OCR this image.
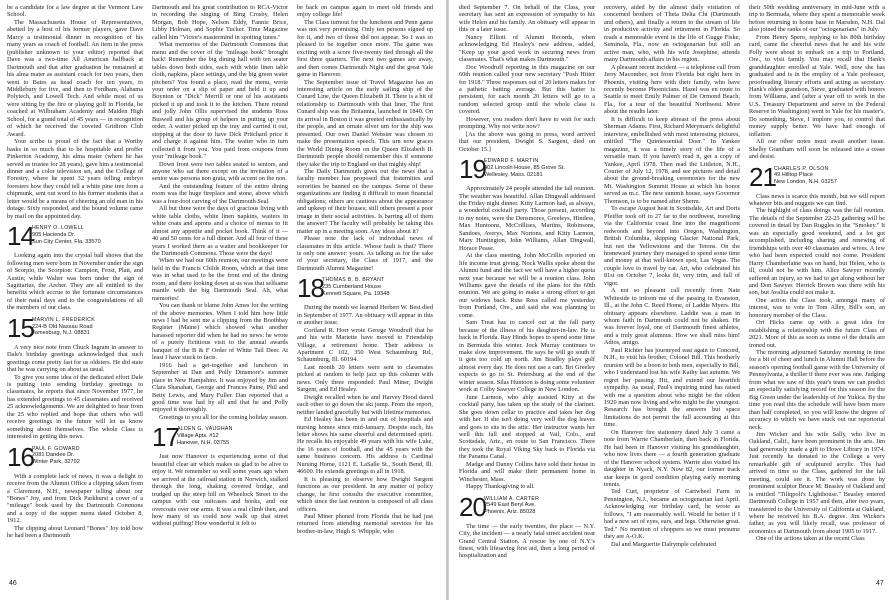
be a candidate for a law degree at the Vermont Law School.

The Massachusetts House of Representatives, abetted by a host of his former players, gave Dave Marcy a testimonial dinner in recognition of his many years as coach of football. An item in the press (publisher unknown to your editor) reported that Dave was a two-time All American halfback at Dartmouth and that after graduation he remained at his alma mater as assistant coach for two years, then went to Bates as head coach for ten years, to Middlebury for five, and then to Fordham, Alabama Polytech, and Lowell Tech. And while most of us were sitting by the fire or playing golf in Florida, he coached at Wilbraham Academy and Maiden High School, for a grand total of 45 years — in recognition of which he received the coveted Gridiron Club Award.

Your scribe is proud of the fact that a Worthy basks in so much that to be hospitable and proffer Pinkerton Academy, his alma mater (where he has served as trustee for 28 years), gave him a testimonial dinner and a color television set, and the College of Forestry, where he spent 32 years telling embryo foresters how they could tell a white pine tree from a chipmunk, sent out word to his former students that a letter would be a means of cheering an old man in his dotage. Sixty responded, and the bound volume came by mail on the appointed day.

14
HENRY O. LOWELL
905 Hacienda Dr.
Sun City Center, Fla. 33570

Looking again into the crystal ball shows that the following men were born in November under the sign of Scorpio, the Scorpion: Campion, Frost, Platt, and Austin; while Walter was born under the sign of Sagittarius, the Archer. They are all entitled to the benefits which accrue to the fortunate circumstances of their natal days and to the congratulations of all the members of our class.

15
MARVIN L. FREDERICK
224-B Old Nassau Road
Jamesburg, N.J. 08831

A very nice note from Chuck Ingram in answer to Dale's birthday greetings acknowledged that such greetings come pretty fast for us oldsters. He did state that he was carrying on about as usual.

To give you some idea of the dedicated effort Dale is putting into sending birthday greetings to classmates, he reports that since November 1977, he has extended greetings to 45 classmates and received 25 acknowledgements. We are delighted to hear from the 25 who replied and hope that others who will receive greetings in the future will let us know something about themselves. The whole Class is interested in getting this news.

16
PAUL F. GOWARD
2081 Dandee Dr.
Winter Park, 32792

With a complete lack of news, it was a delight to receive from the Alumni Office a clipping taken from a Claremont, N.H., newspaper telling about our "Bones" Joy, and from Dick Parkhurst a cover of a "mileage" book used by the Dartmouth Commons and a copy of the supper menu dated October 8, 1912.

The clipping about Leonard "Bones" Joy told how he had been a Dartmouth

Dartmouth and his great contribution to RCA-Victor in recording the singing of Bing Crosby, Helen Morgan, Bob Hope, Nelson Eddy, Fannie Brice, Libby Holman, and Sophie Tucker. Time Magazine called him "Victor's mastermind in spotting tunes."

What memories of the Dartmouth Commons that menu and the cover of the "mileage book" brought back! Remember the big dining hall with ten seater tables down both sides, each with white linen table cloth, napkins, place settings, and the big green water pitchers? You found a place, read the menu, wrote your order on a slip of paper and held it up and Boynton or "Dick" Merrill or one of his assistants picked it up and took it to the kitchen. There rotund and jolly John Ollis supervised the students Ross Buswell and his group of helpers in putting up your order. A waiter picked up the tray and carried it out, stopping at the door to have Dick Pritchard price it and charge it against him. The waiter who in turn collected it from you. You paid from coupons from your "mileage book."

Down front were two tables seated to seniors, and anyone who sat there except on the invitation of a senior was persona non grata, with accent on the non.

And the outstanding feature of the entire dining room was the huge fireplace and stone, above which was a four-foot carving of the Dartmouth Seal.

All but three were the days of gracious living with white table cloths, white linen napkins, waiters in white coats and aprons and a choice of menus to fit almost any appetite and pocket book. Think of it — 40 and 50 cents for a full dinner. And all four of these years I worked there as a waiter and bookkeeper for the Dartmouth Commons. Those were the days!

When we had our 60th reunion, our meetings were held in the Francis Childs Room, which at that time was in what used to be the front end of the dining room, and there looking down at us was that selfsame mantle with the big Dartmouth Seal. Ah, what memories!

You can thank or blame John Ames for the writing of the above memories. When I told him how little news I had he sent me a clipping from the Boothbay Register (Maine) which showed what another harassed reporter did when he had no news: he wrote of a purely fictitious visit to the annual awards banquet of the B & F Order of White Tail Deer. At least I have stuck to facts.

1916 had a get-together and luncheon in September at Dan and Polly Dinsmore's summer place in New Hampshire. It was enjoyed by Jim and Clara Shanahan, George and Frances Paine, Phil and Betty Lewis, and Mary Fuller. Dan reported that a good time was had by all and that he and Polly enjoyed it thoroughly.

Greetings to you all for the coming holiday season.

17
ALDEN G. VAUGHAN
Village Apts. #12
Hanover, N.H. 03755

Just now Hanover is experiencing some of that beautiful clear air which makes us glad to be alive to enjoy it. We remember so well some years ago when we arrived at the railroad station in Norwich, stalked through the long, shaking covered bridge, and trudged up the steep hill on Wheelock Street to the campus with our suitcases and books, and our overcoats over our arms. It was a real climb then, and how many of us could now walk up that street without puffing! How wonderful it felt to

be back on campus again to meet old friends and enjoy college life!

The Class turnout for the luncheon and Penn game was not very promising. Only ten persons signed up for it, and two of those did not appear. So I was so pleased to be together once more. The game was exciting with a score five-twenty tied through all the first three quarters. The next two games are away, and then comes Dartmouth Night and the great Yale game in Hanover.

The September issue of Travel Magazine has an interesting article on the early sailing ship of the Cunard Line, the Queen Elizabeth II. There is a bit of relationship to Dartmouth with that liner. The first Cunard ship was the Britannia, launched in 1840. On its arrival in Boston it was greeted enthusiastically by the people, and an ornate silver urn for the ship was presented. Our own Daniel Webster was chosen to make the presentation speech. This urn now graces the World Dining Room on the Queen Elizabeth II. Dartmouth people should remember this if someone they take the trip to England on that mighty ship!

The Daily Dartmouth gives out the news that a faculty member has proposed that fraternities and sororities be banned on the campus. Some of these organizations are finding it difficult to meet financial obligations; others are cautious about the appearance and upkeep of their houses; still others present a poor image in their social activities. Is barring all of them the answer? The faculty will probably be taking this matter up in a meeting soon. Any ideas about it?

Please note the lack of individual news of classmates in this article. Whose fault is that? There is only one answer: yours. As talking as for the sake of your secretary, the Class of 1917, and the Dartmouth Alumni Magazine!

18
THOMAS B. B. BRYANT
235 Cumberland House
Kennett Square, Pa. 19348

During the month we learned Herbert W. Best died in September of 1977. An obituary will appear in this or another issue.

Cortland R. Horr wrote George Woodruff that he and his wife Mariette have moved to Friendship Village, a retirement home. Their address is Apartment C 102, 350 West Schaumburg Rd., Schaumburg, Ill. 60194.

Last month 20 letters were sent to classmates picked at random to help jazz up this column with news. Only three responded: Paul Miner, Dwight Sargent, and Ed Healey.

Dwight recalled when he and Harvey Hood dared each other to go down the ski jump. From the report, neither landed gracefully but with lifetime memories.

Ed Healey has been in and out of hospitals and nursing homes since mid-January. Despite such, his letter shows his same cheerful and determined spirit. He recalls his enjoyable 49 years with his wife Luke, the 16 years of football, and the 45 years with the same business concern. His address is Cardinal Nursing Home, 1121 E. LaSalle St., South Bend, Ill. 46600. He extends greetings to all in 1918.

It is pleasing to observe how Dwight Sargent functions as our president. In any matter of policy change, he first consults the executive committee, which since the last reunion is composed of all class officers.

Paul Miner phoned from Florida that he had just returned from attending memorial services for his brother-in-law, Hugh S. Whipple, who

died September 7. On behalf of the Class, your secretary has sent an expression of sympathy to his wife Helen and his family. An obituary will appear in this or a later issue.

Nancy Elliott of Alumni Records, when acknowledging Ed Healey's new address, added, "Keep up your good work in securing news from classmates. That's what makes Dartmouth."

Doc Woodruff reporting in this magazine on our 60th reunion called your new secretary "Posh Hitter for 1918." Three responses out of 20 letters makes for a pathetic batting average. But this batter is persistent, for each month 20 letters will go to a random selected group until the whole class is covered.

However, you readers don't have to wait for such prompting. Why not write now?

[As the above was going to press, word arrived that our president, Dwight S. Sargent, died on October 15.]

19
EDWARD F. MARTIN
402 Lincoln House, 85 Grove St.
Wellesley, Mass. 02181

Approximately 24 people attended the fall reunion. The weather was beautiful. Allan Dingwall addressed the Friday night dinner. Kitty Larmon had, as always, a wonderful cocktail party. Those present, according to my notes, were the Densmores, Greeleys, Hindess, Max Huntoons, McCrillises, Martins, Robinsons, Sandoes, Averys, Max Nortons, and Kitty Larmon, Mary Huntington, John Williams, Allan Dingwall, Horace Pease.

At the class meeting, John McCrillis reported on life income trust giving. Nock Wallis spoke about the Alumni fund and the fact we will have a higher quota next year because we will be a reunion class. John Williams gave the details of the plans for the 60th reunion. We are going to make a strong effort to get our widows back. Russ Ross called me yesterday from Portland, Ore., and said she was planning to come.

Sam Treat has to cancel out at the fall party because of the illness of his daughter-in-law. He is back in Florida. Ray Hinds hopes to spend some time in Bermuda this winter. Jock Murray continues to make slow improvement. He says he will go south if it gets too cold up north. Jim Bradley plays golf almost every day. He does not use a cart. Bri Greeley expects to go to St. Petersburg at the end of the winter season. Silas Huntoon is doing some volunteer work at Colby Sawyer College in New London.

June Larmon, who ably assisted Kitty at the cocktail party, has taken up the study of the clarinet. She goes down cellar to practice and takes her dog with her. If she isn't doing very well the dog leaves and goes to sits in the attic. Her instructor wants her well this fall and stopped at Vail, Colo., and Scottsdale, Ariz., en route to San Francisco. There they took the Royal Viking Sky back to Florida via the Panama Canal.

Madge and Danny Collins have sold their house in Florida and will make their permanent home in Winchester, Mass.

Happy Thanksgiving to all.

20
WILLIAM A. CARTER
2549 East Beryl Ave.
Phoenix, Ariz. 85028

The time — the early twenties, the place — N.Y. City, the incident — a nearly fatal street accident near Grand Central Station. A rescue by one of N.Y.'s finest, with lifesaving first aid, then a long period of hospitalization and

recovery, aided by the almost daily visitation of concerned brothers of Theta Delta Chi (Dartmouth and others), and finally a return to the stream of life in productive activity and retirement in Florida. So reads a memorable event in the life of Gugge Fiske, Seminola, Fla., now an octogenarian but still an active man, who, with his wife Josephine, attends many Dartmouth affairs in his region.

A pleasant recent incident — a telephone call from Jerry Macomber, not from Florida but right here in Phoenix, visiting here with their family, who have recently become Phoenicians. Hazel was en route to Seattle to meet Emily Palmer of De Ormond Beach, Fla., for a tour of the beautiful Northwest. More about the results later.

It is difficult to keep abreast of the press about Sherman Adams. First, Richard Meryman's delightful interview, embellished with most interesting pictures, entitled "The Quintessential Doer." In Yankee magazine, it was a timely story of the life of a versatile man. If you haven't read it, get a copy of Yankee, April 1978. Then read the Littleton, N.H., Courier of July 12, 1978, and see pictures and detail about the ground-breaking ceremonies for the new Mt. Washington Summit House at which his honor served as m.c. The new summit house, says Governor Thomson, is to be named after Sherm.

To escape August heat in Scottsdale, Art and Doris Pfeiffer took off to 27 far to the northwest, traveling via the California coast line into the magnificent redwoods and beyond into Oregon, Washington, British Columbia, skipping Glacier National Park, but not the Yellowstone and the Tetons. On the homeward journey they managed to spend some time and money at that well-known spot, Las Vegas. The couple love to travel by car. Art, who celebrated his 81st on October 7, looks fit, very trim, and full of vigor.

A not so pleasant call recently from Nate Whiteside to inform me of the passing in Evanston, Ill., at the John C. Reed Home, of Laddie Myers. His obituary appears elsewhere. Laddie was a man in whom faith in Dartmouth could not be shaken. He was forever loyal, one of Dartmouth finest athletes, and a truly great alumnus. How we shall miss him! Adios, amigo.

Paul Richter has journeyed east again to Concord, N.H., to visit his brother, Colonel Bill. This brotherly reunion will be a boon to both men, especially to Bill, who I understand lost his wife Kathy last autumn. We regret her passing. Hit, and extend our heartfelt sympathy. As usual, Paul's inquiring mind has raised with me a question about who might be the oldest 1920 man now living and who might be the youngest. Research has brought the answers but space limitations do not permit the full accounting at this time.

On Hanover fire stationery dated July 3 came a note from Warrie Chamberlain, then back in Florida. He had been in Hanover visiting his granddaughter, who now lives there — a fourth generation graduate of the Hanover school system. Warrie also visited his daughter in Nyack, N.Y. Now 82, our former track star keeps in good condition playing early morning tennis.

Ted Curt, proprietor of Cartwheel Farm in Pennington, N.J., became an octogenarian last April. Acknowledging our birthday card, he wrote as follows, "I am reasonably well. Would be better if I had a new set of eyes, ears, and legs. Otherwise great. Ted." No mention of choppers so we must presume they are A-O.K.

Dal and Marguerite Dalrymple celebrated

their 50th wedding anniversary in mid-June with a trip to Bermuda, where they spent a memorable week before returning to home base in Marsden, N.H. Dal also joined the ranks of our "octogenarians" in July.

From Henry Spero, replying to his 80th birthday card, came the cheerful news that he and his wife Polly were about to embark on a trip to Portland, Ore., to visit family. You may recall that Hank's granddaughter enrolled at Yale. Well, now she has graduated and is in the employ of a Yale professor, proofreading literary efforts and acting as secretary. Hank's oldest grandson, Steve, graduated with honors from Williams, and (after a year off to work in the U.S. Treasury Department and serve in the Federal Reserve in Washington) went to Yale for his master's. Do something, Steve, I implore you, to control that money supply better. We have had enough of inflation.

All our other notes must await another issue. Shelby Grantham will soon be released into a cease and desist.

21
CHARLES P. OLSON
49 Hilltop Place
New London, N.H. 03257

Class news is scarce this month, but we will report whatever bits and nuggets we can find.

The highlight of class doings was the fall reunion. The details of the September 22-23 gathering will be covered in detail by Dan Ruggles in the "Smokey." It was an especially good weekend, and a lot got accomplished, including sharing and renewing of friendships with over 40 classmates and wives. A few who had been expected could not come. President Harry Chamberlaine was on hand, but Helen, who is ill, could not be with him. Alice Sawyer recently suffered an injury, so we had to get along without her and Don Sawyer. Herrick Brown was there with his son, but Avalita could not make it.

One action the Class took, amongst many of interest, was to vote in Tom Alley, Bill's son, an honorary member of the Class.

Ort Hicks came up with a great idea for establishing a relationship with the future Class of 2021. More of this as soon as some of the details are ironed out.

The morning adjourned Saturday morning in time for a bit of cheer and lunch in Alumni Hall before the season's opening football game with the University of Pennsylvania, a thriller if there ever was one. Judging from what we saw of this year's team we can predict an especially satisfying record for this season for the Big Green under the leadership of Joe Yukica. By the time you read this the schedule will have been more than half completed, so you will know the degree of accuracy to which we have stuck out our reportorial neck.

Jim Wicker and his wife Sally, who live in Oakland, Calif., have been prominent in the arts. Jim had generously made a gift to Howe Library in 1974. Just recently he donated to the College a very remarkable gift of sculptured acrylic. This had arrived in time so the Class, gathered for the fall meeting, could see it. The work was done by prominent sculptor Bruce M. Beasley of Oakland and is entitled "Tiliqpoli's Lighthouse." Beasley entered Dartmouth College in 1957 and then, after two years, transferred to the University of California at Oakland, where he received his B.A. degree. Jim Wicker's father, as you will likely recall, was professor of economics at Dartmouth from about 1905 to 1917.

One of the actions taken at the recent Class

46	47
